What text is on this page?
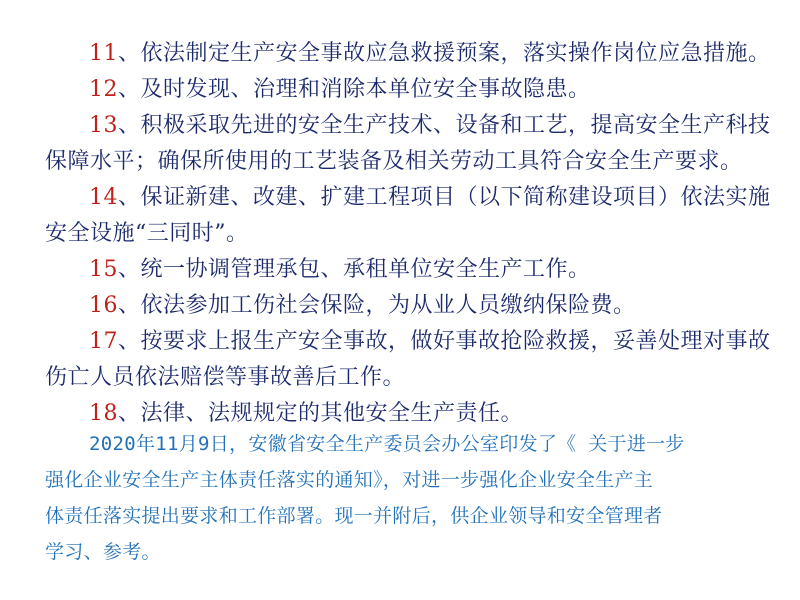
11、依法制定生产安全事故应急救援预案，落实操作岗位应急措施。

12、及时发现、治理和消除本单位安全事故隐患。

13、积极采取先进的安全生产技术、设备和工艺，提高安全生产科技
保障水平；确保所使用的工艺装备及相关劳动工具符合安全生产要求。

14、保证新建、改建、扩建工程项目（以下简称建设项目）依法实施
安全设施“三同时”。

15、统一协调管理承包、承租单位安全生产工作。

16、依法参加工伤社会保险，为从业人员缴纳保险费。

17、按要求上报生产安全事故，做好事故抢险救援，妥善处理对事故
伤亡人员依法赔偿等事故善后工作。

18、法律、法规规定的其他安全生产责任。

2020年11月9日，安徽省安全生产委员会办公室印发了《 关于进一步
强化企业安全生产主体责任落实的通知》，对进一步强化企业安全生产主
体责任落实提出要求和工作部署。现一并附后，供企业领导和安全管理者
学习、参考。
